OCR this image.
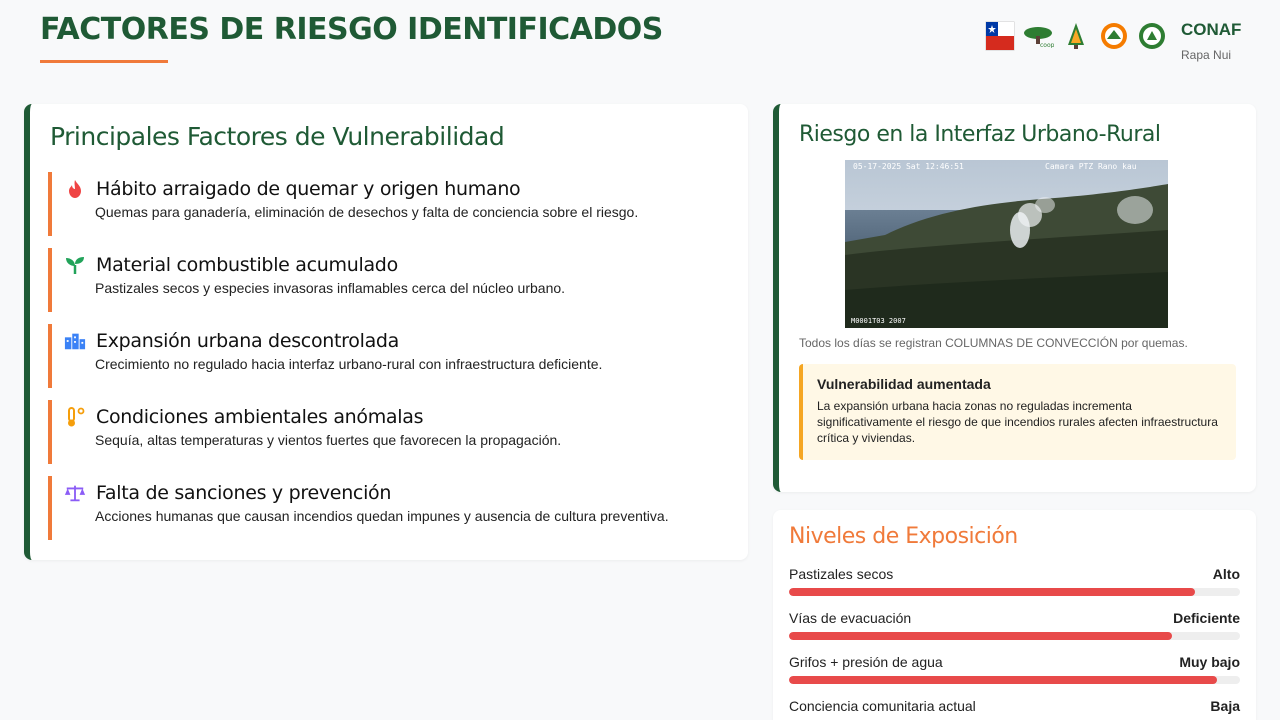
FACTORES DE RIESGO IDENTIFICADOS	coop
CONAF
Rapa Nui
Principales Factores de Vulnerabilidad
Hábito arraigado de quemar y origen humano
Quemas para ganadería, eliminación de desechos y falta de conciencia sobre el riesgo.
Material combustible acumulado
Pastizales secos y especies invasoras inflamables cerca del núcleo urbano.
Expansión urbana descontrolada
Crecimiento no regulado hacia interfaz urbano-rural con infraestructura deficiente.
Condiciones ambientales anómalas
Sequía, altas temperaturas y vientos fuertes que favorecen la propagación.
Falta de sanciones y prevención
Acciones humanas que causan incendios quedan impunes y ausencia de cultura preventiva.
Riesgo en la Interfaz Urbano-Rural
05-17-2025 Sat 12:46:51	Camara PTZ Rano kau
M0001T03 2007
Todos los días se registran COLUMNAS DE CONVECCIÓN por quemas.
Vulnerabilidad aumentada
La expansión urbana hacia zonas no reguladas incrementa significativamente el riesgo de que incendios rurales afecten infraestructura crítica y viviendas.
Niveles de Exposición
Pastizales secos	Alto
Vías de evacuación	Deficiente
Grifos + presión de agua	Muy bajo
Conciencia comunitaria actual	Baja
